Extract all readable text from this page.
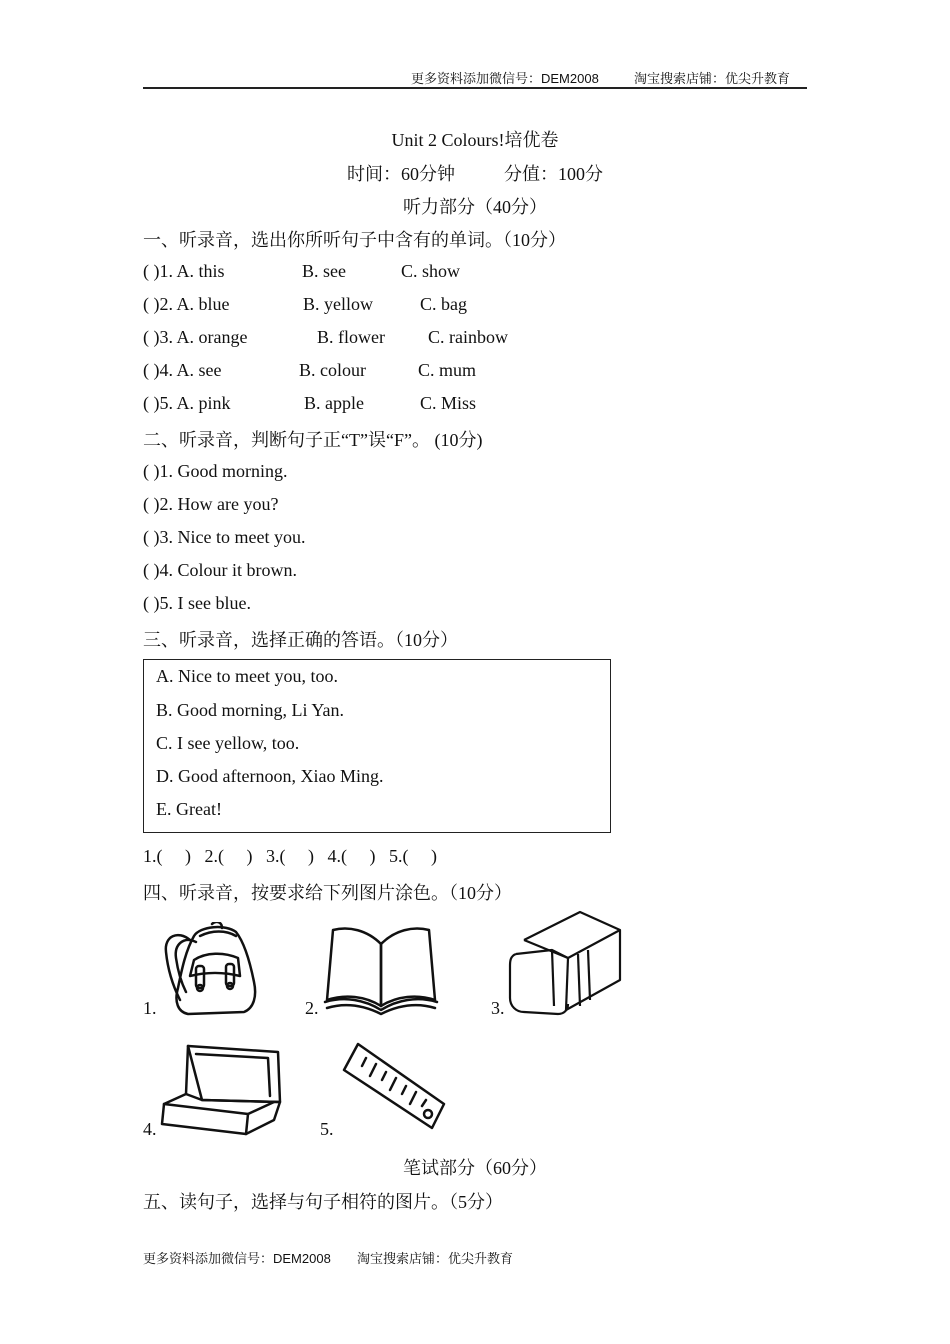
更多资料添加微信号：DEM2008	淘宝搜索店铺：优尖升教育
Unit 2 Colours!培优卷
时间：60分钟	分值：100分
听力部分（40分）
一、听录音，选出你所听句子中含有的单词。（10分）
( )1. A. this	B. see	C. show
( )2. A. blue	B. yellow	C. bag
( )3. A. orange	B. flower C. rainbow
( )4. A. see	B. colour	C. mum
( )5. A. pink	B. apple	C. Miss
二、听录音，判断句子正“T”误“F”。 (10分)
( )1. Good morning.
( )2. How are you?
( )3. Nice to meet you.
( )4. Colour it brown.
( )5. I see blue.
三、听录音，选择正确的答语。（10分）
A. Nice to meet you, too.
B. Good morning, Li Yan.
C. I see yellow, too.
D. Good afternoon, Xiao Ming.
E. Great!
1.(     )   2.(     )   3.(     )   4.(     )   5.(     )
四、听录音，按要求给下列图片涂色。（10分）
1.	2.	3.
4.	5.
笔试部分（60分）
五、读句子，选择与句子相符的图片。（5分）
更多资料添加微信号：DEM2008 淘宝搜索店铺：优尖升教育
